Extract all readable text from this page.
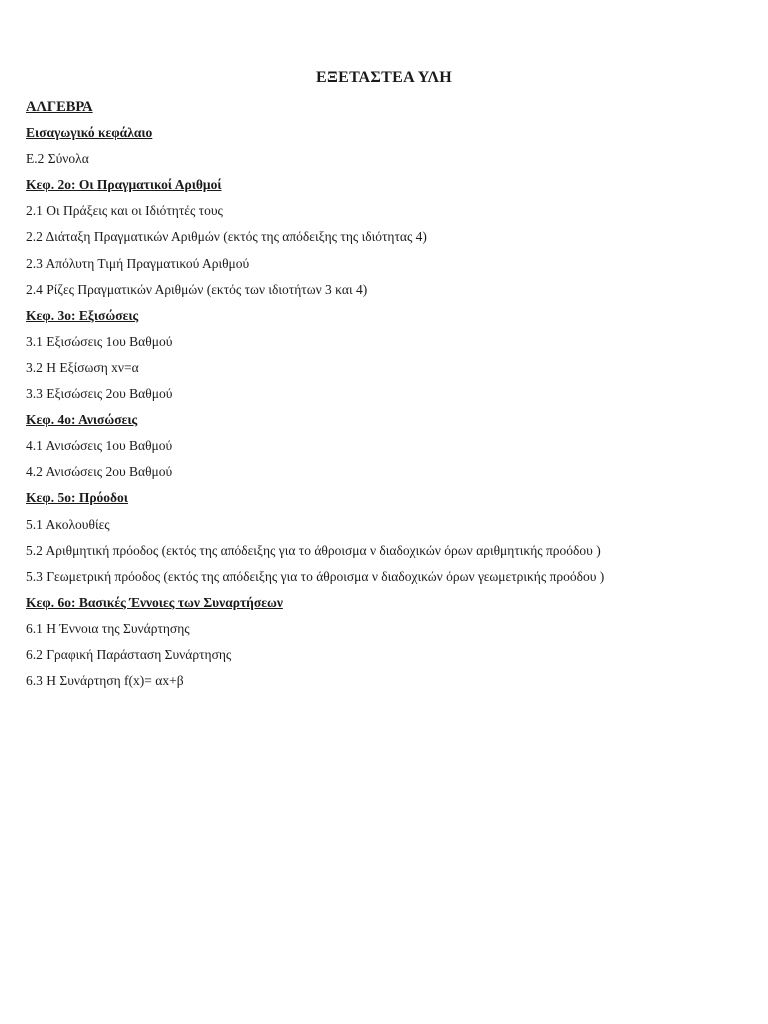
ΕΞΕΤΑΣΤΕΑ ΥΛΗ
ΑΛΓΕΒΡΑ
Εισαγωγικό κεφάλαιο
Ε.2 Σύνολα
Κεφ. 2ο: Οι Πραγματικοί Αριθμοί
2.1 Οι Πράξεις και οι Ιδιότητές τους
2.2 Διάταξη Πραγματικών Αριθμών (εκτός της απόδειξης της ιδιότητας 4)
2.3 Απόλυτη Τιμή Πραγματικού Αριθμού
2.4 Ρίζες Πραγματικών Αριθμών (εκτός των ιδιοτήτων 3 και 4)
Κεφ. 3ο: Εξισώσεις
3.1 Εξισώσεις 1ου Βαθμού
3.2 Η Εξίσωση xν=α
3.3 Εξισώσεις 2ου Βαθμού
Κεφ. 4ο: Ανισώσεις
4.1 Ανισώσεις 1ου Βαθμού
4.2 Ανισώσεις 2ου Βαθμού
Κεφ. 5ο: Πρόοδοι
5.1 Ακολουθίες
5.2 Αριθμητική πρόοδος (εκτός της απόδειξης για το άθροισμα ν διαδοχικών όρων αριθμητικής προόδου )
5.3 Γεωμετρική πρόοδος (εκτός της απόδειξης για το άθροισμα ν διαδοχικών όρων γεωμετρικής προόδου )
Κεφ. 6ο: Βασικές Έννοιες των Συναρτήσεων
6.1 Η Έννοια της Συνάρτησης
6.2 Γραφική Παράσταση Συνάρτησης
6.3 Η Συνάρτηση f(x)= αx+β
